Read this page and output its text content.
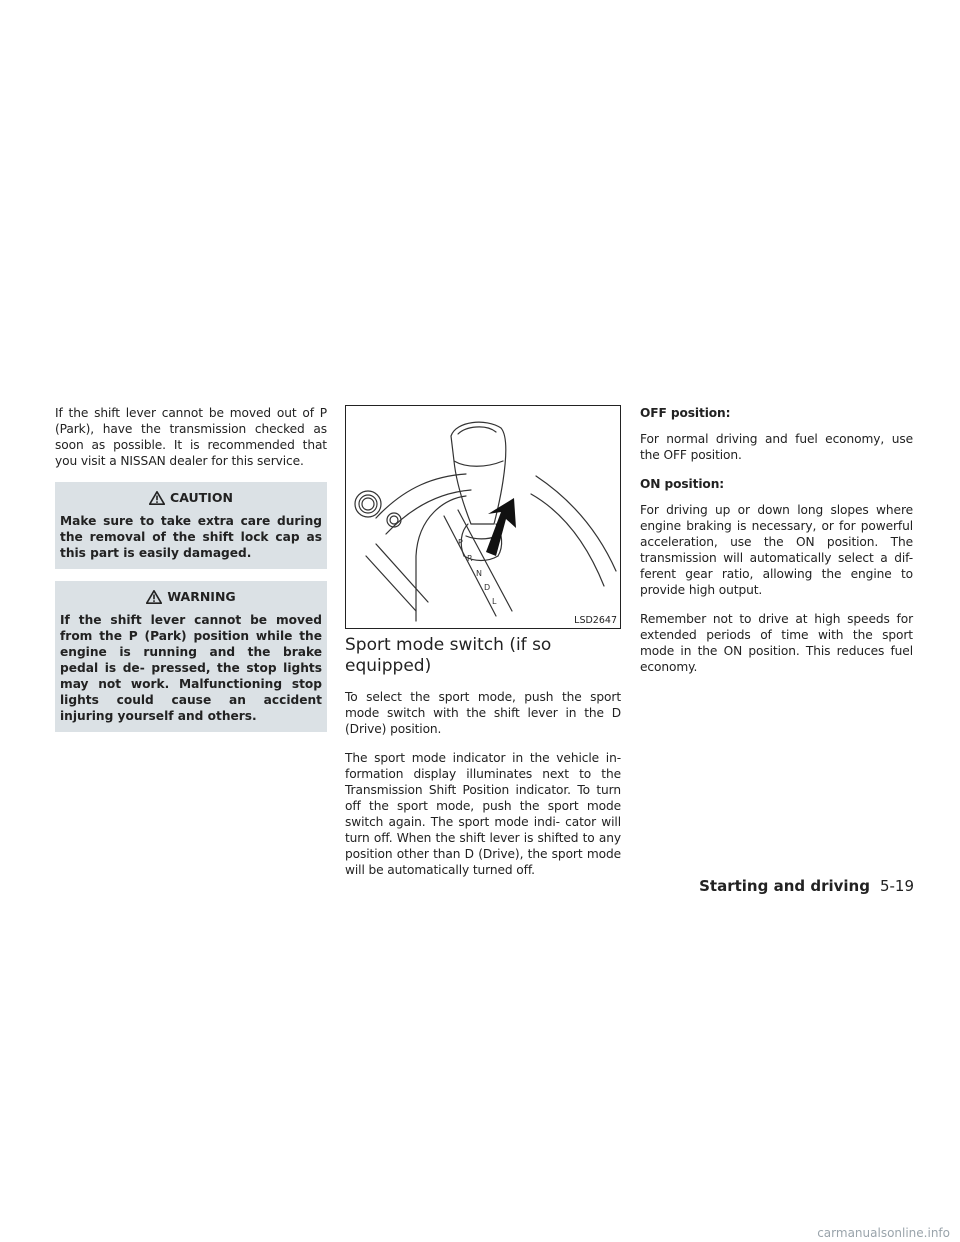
If the shift lever cannot be moved out of P (Park), have the transmission checked as soon as possible. It is recommended that you visit a NISSAN dealer for this service.

CAUTION
Make sure to take extra care during the removal of the shift lock cap as this part is easily damaged.
WARNING
If the shift lever cannot be moved from the P (Park) position while the engine is running and the brake pedal is de- pressed, the stop lights may not work. Malfunctioning stop lights could cause an accident injuring yourself and others.
P
R
N
D
L
LSD2647
Sport mode switch (if so equipped)

To select the sport mode, push the sport mode switch with the shift lever in the D (Drive) position.

The sport mode indicator in the vehicle in- formation display illuminates next to the Transmission Shift Position indicator. To turn off the sport mode, push the sport mode switch again. The sport mode indi- cator will turn off. When the shift lever is shifted to any position other than D (Drive), the sport mode will be automatically turned off.

OFF position:

For normal driving and fuel economy, use the OFF position.

ON position:

For driving up or down long slopes where engine braking is necessary, or for powerful acceleration, use the ON position. The transmission will automatically select a dif- ferent gear ratio, allowing the engine to provide high output.

Remember not to drive at high speeds for extended periods of time with the sport mode in the ON position. This reduces fuel economy.

Starting and driving 5-19
carmanualsonline.info
